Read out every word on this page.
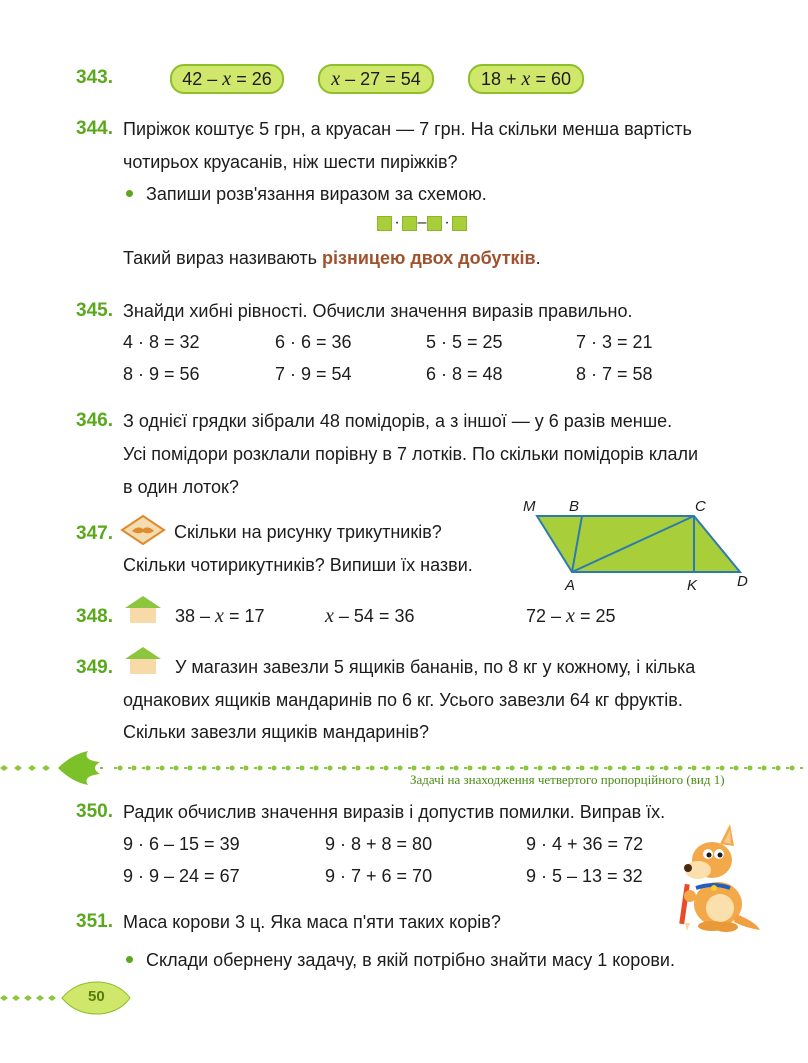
343.	42 – x = 26	x – 27 = 54	18 + x = 60
344. Пиріжок коштує 5 грн, а круасан — 7 грн. На скільки менша вартість
чотирьох круасанів, ніж шести пиріжків?
Запиши розв'язання виразом за схемою.
· – ·
Такий вираз називають різницею двох добутків.
345. Знайди хибні рівності. Обчисли значення виразів правильно.
4 · 8 = 32	6 · 6 = 36	5 · 5 = 25	7 · 3 = 21
8 · 9 = 56	7 · 9 = 54	6 · 8 = 48	8 · 7 = 58
346. З однієї грядки зібрали 48 помідорів, а з іншої — у 6 разів менше.
Усі помідори розклали порівну в 7 лотків. По скільки помідорів клали
в один лоток?
347.	Скільки на рисунку трикутників?
Скільки чотирикутників? Випиши їх назви.
M B	C
A	K	D
348.	38 – x = 17	x – 54 = 36	72 – x = 25
349.	У магазин завезли 5 ящиків бананів, по 8 кг у кожному, і кілька
однакових ящиків мандаринів по 6 кг. Усього завезли 64 кг фруктів.
Скільки завезли ящиків мандаринів?
Задачі на знаходження четвертого пропорційного (вид 1)
350. Радик обчислив значення виразів і допустив помилки. Виправ їх.
9 · 6 – 15 = 39	9 · 8 + 8 = 80	9 · 4 + 36 = 72
9 · 9 – 24 = 67	9 · 7 + 6 = 70	9 · 5 – 13 = 32
351. Маса корови 3 ц. Яка маса п'яти таких корів?
Склади обернену задачу, в якій потрібно знайти масу 1 корови.
50
